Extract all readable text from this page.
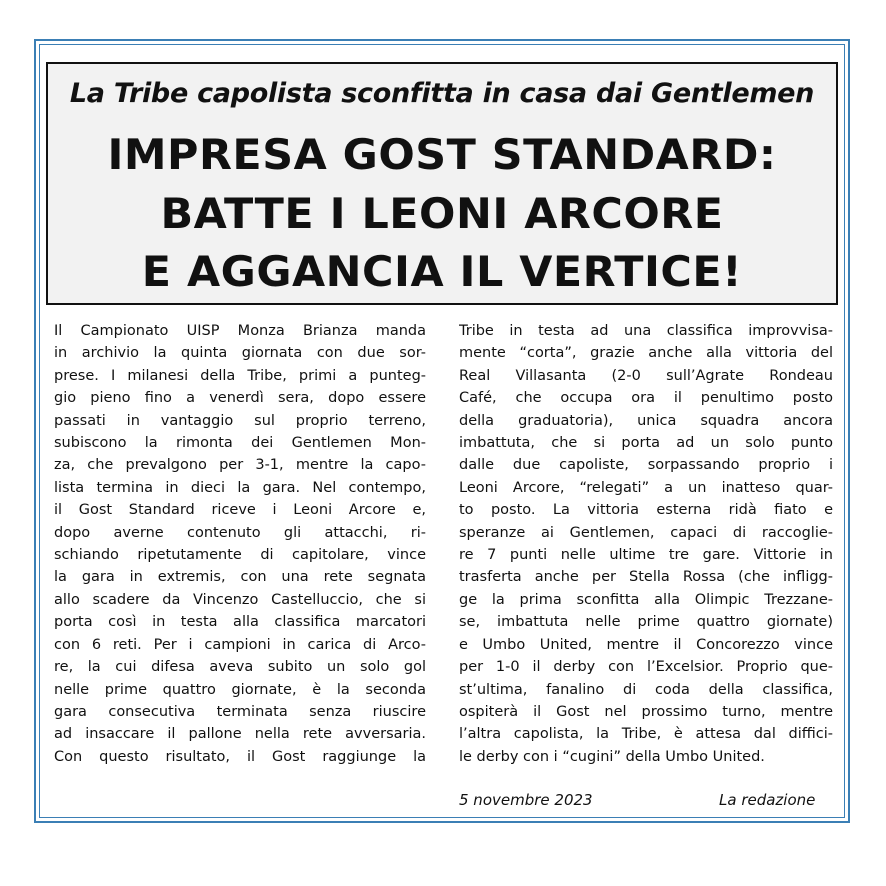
La Tribe capolista sconfitta in casa dai Gentlemen
IMPRESA GOST STANDARD:
BATTE I LEONI ARCORE
E AGGANCIA IL VERTICE!
Il Campionato UISP Monza Brianza manda
in archivio la quinta giornata con due sor-
prese. I milanesi della Tribe, primi a punteg-
gio pieno fino a venerdì sera, dopo essere
passati in vantaggio sul proprio terreno,
subiscono la rimonta dei Gentlemen Mon-
za, che prevalgono per 3-1, mentre la capo-
lista termina in dieci la gara. Nel contempo,
il Gost Standard riceve i Leoni Arcore e,
dopo averne contenuto gli attacchi, ri-
schiando ripetutamente di capitolare, vince
la gara in extremis, con una rete segnata
allo scadere da Vincenzo Castelluccio, che si
porta così in testa alla classifica marcatori
con 6 reti. Per i campioni in carica di Arco-
re, la cui difesa aveva subito un solo gol
nelle prime quattro giornate, è la seconda
gara consecutiva terminata senza riuscire
ad insaccare il pallone nella rete avversaria.
Con questo risultato, il Gost raggiunge la
Tribe in testa ad una classifica improvvisa-
mente “corta”, grazie anche alla vittoria del
Real Villasanta (2-0 sull’Agrate Rondeau
Café, che occupa ora il penultimo posto
della graduatoria), unica squadra ancora
imbattuta, che si porta ad un solo punto
dalle due capoliste, sorpassando proprio i
Leoni Arcore, “relegati” a un inatteso quar-
to posto. La vittoria esterna ridà fiato e
speranze ai Gentlemen, capaci di raccoglie-
re 7 punti nelle ultime tre gare. Vittorie in
trasferta anche per Stella Rossa (che infligg-
ge la prima sconfitta alla Olimpic Trezzane-
se, imbattuta nelle prime quattro giornate)
e Umbo United, mentre il Concorezzo vince
per 1-0 il derby con l’Excelsior. Proprio que-
st’ultima, fanalino di coda della classifica,
ospiterà il Gost nel prossimo turno, mentre
l’altra capolista, la Tribe, è attesa dal diffici-
le derby con i “cugini” della Umbo United.
5 novembre 2023	La redazione
